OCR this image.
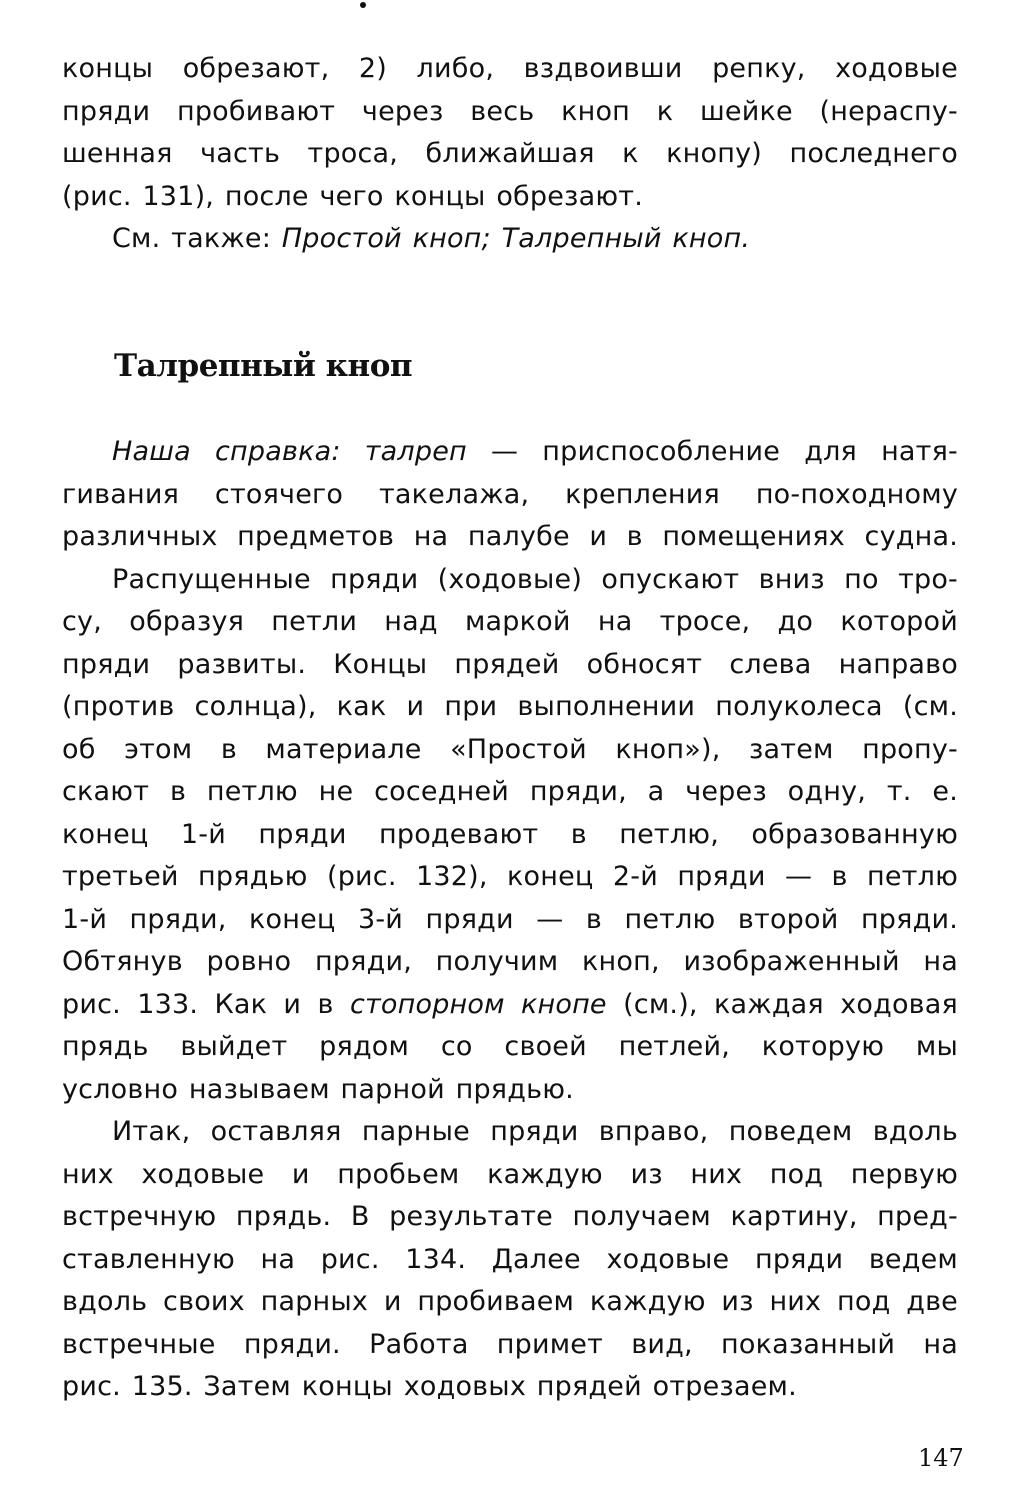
концы обрезают, 2) либо, вздвоивши репку, ходовые
пряди пробивают через весь кноп к шейке (нераспу-
шенная часть троса, ближайшая к кнопу) последнего
(рис. 131), после чего концы обрезают.
См. также: Простой кноп; Талрепный кноп.
Талрепный кноп
Наша справка: талреп — приспособление для натя-
гивания стоячего такелажа, крепления по-походному
различных предметов на палубе и в помещениях судна.
Распущенные пряди (ходовые) опускают вниз по тро-
су, образуя петли над маркой на тросе, до которой
пряди развиты. Концы прядей обносят слева направо
(против солнца), как и при выполнении полуколеса (см.
об этом в материале «Простой кноп»), затем пропу-
скают в петлю не соседней пряди, а через одну, т. е.
конец 1-й пряди продевают в петлю, образованную
третьей прядью (рис. 132), конец 2-й пряди — в петлю
1-й пряди, конец 3-й пряди — в петлю второй пряди.
Обтянув ровно пряди, получим кноп, изображенный на
рис. 133. Как и в стопорном кнопе (см.), каждая ходовая
прядь выйдет рядом со своей петлей, которую мы
условно называем парной прядью.
Итак, оставляя парные пряди вправо, поведем вдоль
них ходовые и пробьем каждую из них под первую
встречную прядь. В результате получаем картину, пред-
ставленную на рис. 134. Далее ходовые пряди ведем
вдоль своих парных и пробиваем каждую из них под две
встречные пряди. Работа примет вид, показанный на
рис. 135. Затем концы ходовых прядей отрезаем.
147
